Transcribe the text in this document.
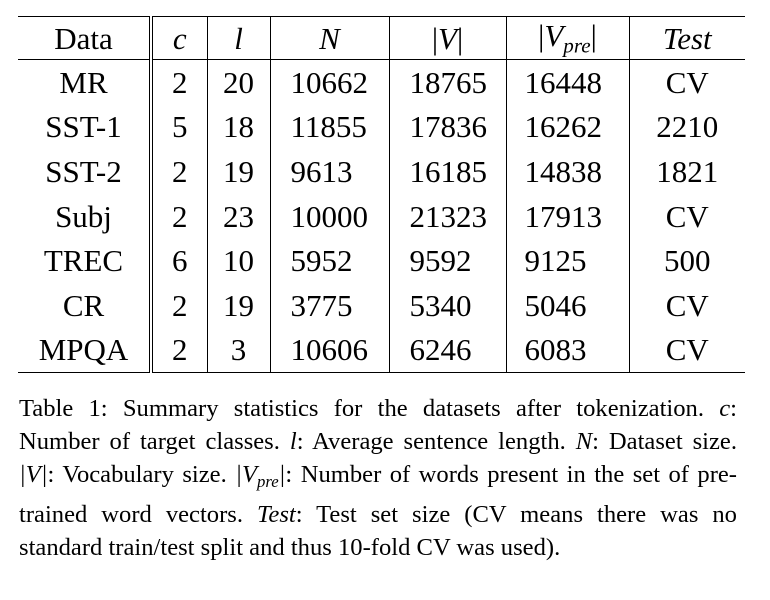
Data	c	l	N	|V|	$|V_{pre}|$	Test
MR	2	20	10662	18765	16448	CV
SST-1	5	18	11855	17836	16262	2210
SST-2	2	19	9613	16185	14838	1821
Subj	2	23	10000	21323	17913	CV
TREC	6	10	5952	9592	9125	500
CR	2	19	3775	5340	5046	CV
MPQA	2	3	10606	6246	6083	CV
Table 1: Summary statistics for the datasets after tokenization. c: Number of target classes. l: Average sentence length. N: Dataset size. |V|: Vocabulary size. $|V_{pre}|$: Number of words present in the set of pre-trained word vectors. Test: Test set size (CV means there was no standard train/test split and thus 10-fold CV was used).
